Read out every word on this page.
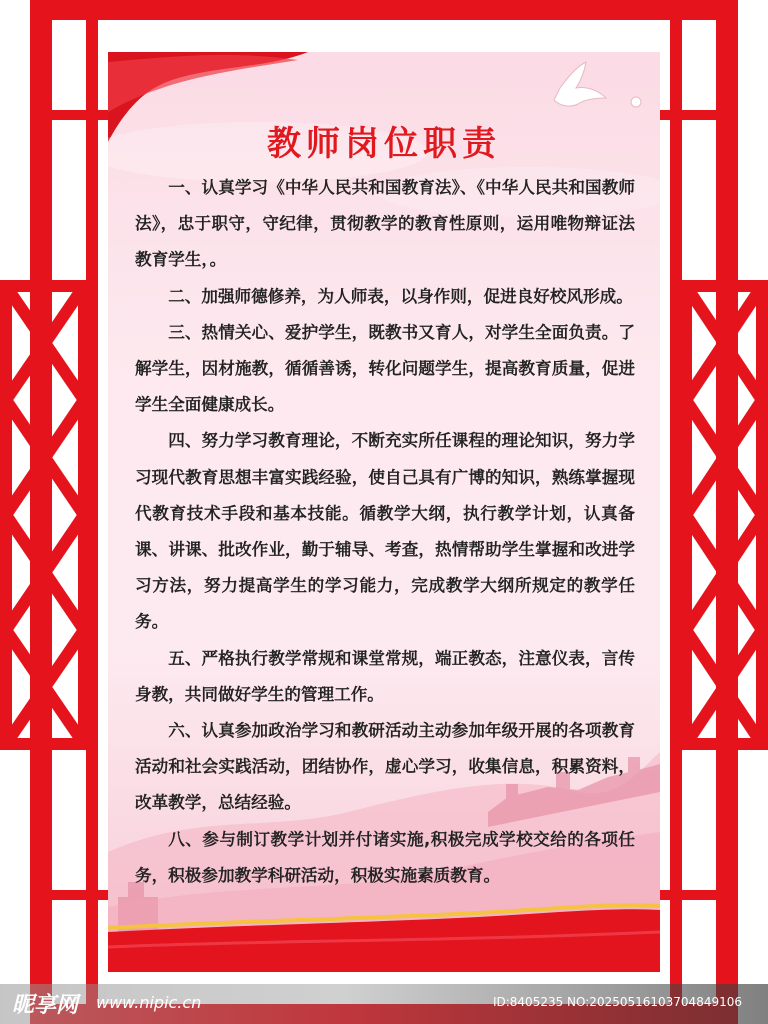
教师岗位职责

一、认真学习《中华人民共和国教育法》、《中华人民共和国教师法》，忠于职守，守纪律，贯彻教学的教育性原则，运用唯物辩证法教育学生，。

二、加强师德修养，为人师表，以身作则，促进良好校风形成。

三、热情关心、爱护学生，既教书又育人，对学生全面负责。了解学生，因材施教，循循善诱，转化问题学生，提高教育质量，促进学生全面健康成长。

四、努力学习教育理论，不断充实所任课程的理论知识，努力学习现代教育思想丰富实践经验，使自己具有广博的知识，熟练掌握现代教育技术手段和基本技能。循教学大纲，执行教学计划，认真备课、讲课、批改作业，勤于辅导、考查，热情帮助学生掌握和改进学习方法，努力提高学生的学习能力，完成教学大纲所规定的教学任务。

五、严格执行教学常规和课堂常规，端正教态，注意仪表，言传身教，共同做好学生的管理工作。

六、认真参加政治学习和教研活动主动参加年级开展的各项教育活动和社会实践活动，团结协作，虚心学习，收集信息，积累资料，改革教学，总结经验。

八、参与制订教学计划并付诸实施,积极完成学校交给的各项任务，积极参加教学科研活动，积极实施素质教育。

昵享网 www.nipic.cn	ID:8405235 NO:20250516103704849106
